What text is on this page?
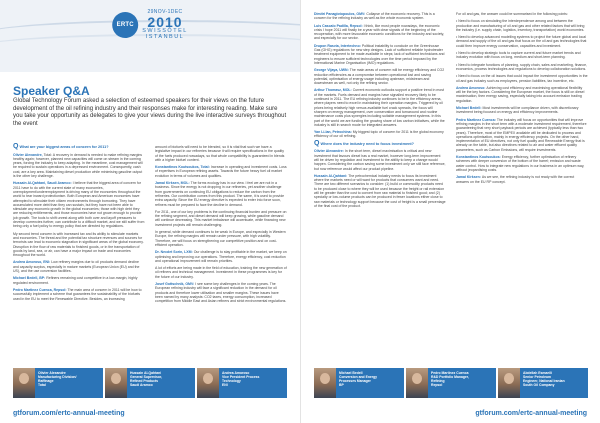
ERTC
29NOV-1DEC
2010
SWISSÔTEL
ISTANBUL
Speaker Q&A
Global Technology Forum asked a selection of esteemed speakers for their views on the future development of the oil refining industry and their responses make for interesting reading. Make sure you take your opportunity as delegates to give your views during the live interactive surveys throughout the event

Q What are your biggest areas of concern for 2011?

Olivier Alexandre, Total: A recovery in demand is needed to make refining margins healthy again; however, planned new capacities will come on stream in the coming years, forcing the industry to keep adapting. In the meantime, cost management will be required to sustain operations in a depressed environment. Consequently, cash cost, are a key area. Maintaining diesel production while minimising gasoline output is the other key challenge.

Hussain Al-Qahtani, Saudi Aramco: I believe that the biggest area of concern for 2011 have to do with the current state of many economies, unemployment/underemployment is driving many of the economies throughout the world to tear inward protectionism. Both European and American economies have attempted to stimulate their citizen environments through borrowing. They have accumulated more debt than they can sustain, but they have not been able to stimulate any economic growth in the global economies; those with high debt they are reducing entitlements, and those economies have not grown enough to provide job growth. The tools to shift unrest along with both over and layoff pressures to develop currencies further, can contribute to a difficult market, and we still suffer from being only a fuel policy to energy policy that are directed by regulations.

My second trend concern is with increased tax and its ability to stimulate markets and economies. The threat and the potential tax structure revenues and sources for terrorists can lead to economic stagnation in significant areas of the global economy. Disruption in the flow of raw materials to finished goods, or in the transportation of goods by land, sea, or air, can have a major impact on trade and economies throughout the world.

Andrea Amoroso, ENI: Low refinery margins due to oil products demand decline and capacity surplus, especially in mature markets (European Union (EU) and the US), and the use conversion facilities.

Michael Bedell, BP: Refiners remaining cost competitive in a low-margin, highly regulated environment.

Pedro Martinez Cuenca, Repsol: The main area of concern in 2011 will be how to successfully implement a scheme that guarantees the sustainability of the biofuels used in the EU to meet the Renewable Directive. Besides, an increasing

amount of biofuels will need to be blended, so it is vital that such we have a legislative impact in our refineries because it will require specifications in the quality of the fuels produced nowadays, so that whole compatibility is guaranteed in blends with a higher biofuel content.

Konstantinos Koutsoukos, Total: Increase in operating and investment costs. Loss of expertises in European refining assets. Towards the future heavy fuel oil market evolution in terms of volumes and qualities.

Jamal Kirksen, MOL: The forms ecology has in our view. I feel we are not in a business. Since the energy is not dropping in our refineries, yet another challenge from governments on continuing EU obligations to reduce the carbon from the refineries. Our contribution comes from this product. The same, it is used to provide extra capacity. Since the EU energy directive is expected to enter into force soon, refiners must be prepared to face the decline in demand.

For 2011, one of our key problems is the continuing financial burden and pressure on the refining segment, and diesel demand will keep growing, while gasoline demand will continue decreasing. This market imbalance will accentuate, while financing new investment projects will remain challenging.

In general, while demand continues to be weak in Europe, and especially in Western Europe, the refining margins will remain under pressure, with high volatility. Therefore, we will focus on strengthening our competitive position and on cost-efficient operation.

Dr. Necdet Sorin, LXM: Our challenge is to stay profitable in the market, we keep on optimising and improving our operations. Therefore, energy efficiency, cost reduction and operational improvement will remain priorities.

A lot of efforts are being made in the field of education, training the new generation of oil refiners and technical management. Investment in these programmes is key for the future of our industry.

Josef Gottschnik, OMV: I see some key challenges in the coming years. The European refining industry will face a significant reduction in the demand for oil products and therefore lower utilisation and smaller margins. These issues have been named by many analysts: CO2 taxes, energy consumption, increased competition from Middle East and Asian refiners and strict environmental regulations.

Olivier Alexandre
Manufacturing Division/
Raffinage
Total
Hussain Al-Qahtani
General Supervisor,
Refined Products
Saudi Aramco
Andrea Amoroso
Vice President Process
Technology
ENI
gtforum.com/ertc-annual-meeting

Dimitri Panagiotopoulos, OMV: Collapse of the economic recovery. This is a concern for the refining industry as well as the whole economic system.

Luis Cascalo Padilla, Repsol: I think, like most people nowadays, the economic crisis I hope 2011 will finally be a year with clear signals of the beginning of the recuperation, with more favourable economic conditions for the industry and society, and especially for our sector.

Drupon Rasvia, Intertechno: Political instability to conclude on the Greenhouse Gas (GHG) regulations for new step designs. Lack of sufficient reliable hydrotreater treatment equipment to be made available in steps; lack of sufficient technicians and engineers to ensure sufficient technologies over the time period imposed by the International Marine Organisation (IMO) regulations.

George Vijaya, UWN: The main areas of concern will be energy efficiency and CO2 reduction efficiencies as a compromise between operational lost and saving potential, optimisation of energy usage including upstream, midstream and downstream as well, not only the refining sector.

Arthur Thomasz, MOL: Current economic outlooks support a positive trend in most of the markets. Fuels demand and margins have signalled recovery likely to be continued in 2011. The EU refining industry continues to be in the efficiency arena, where players need to excel in maintaining their operation margins. Triggered by oil prices being relatively high versus available fuel crack spreads, the focus will sharpen on energy management, over conservation and turnaround and routine maintenance costs plus synergies including suitable management systems. In this part of the world we are funding the growing share of low carbon initiatives, while the industry is still in search mode for integrated answers.

Yan Li-Ian, Petrochina: My biggest topic of concern for 2011 is the global economy efficiency of our oil refining.

Q Where does the industry need to focus investment?

Olivier Alexandre: In the short term, diesel maximisation is critical and new investment that favours diesel has a real market, however long-term improvement will be driven by regulation and investment to the ability to keep a change would happen. Considering the carbon saving some investment only we still face reference, but now reference would affect our product pipeline.

Hussain Al-Qahtani: The petrochemical industry needs to focus its investment where the markets need or will want for products that consumers want and need. There are two different scenarios to consider: (1) build or commodity products need to be produced close to where they will be used because the freight or rail extension will be greater than the cost to convert from raw material to finished good; and (2) specialty or low-volume products can be produced in fewer locations either close to raw materials or technology support because the cost of freight is a small percentage of the final cost of the product.

For oil and gas, the answer could be summarised in the following points:

• Need to focus on simulating the interdependence among and between the production and manufacturing of oil and gas and other related factors that will bring the industry (i.e. supply chain, logistics, inventory, transportation) world economies.

• Need to develop advanced modelling systems to project the future global and local demand and supply of the oil and gas that focus on the oil and gas technologies that could then improve energy conservation, capacities and investment.

• Need to develop strategic tools to capture current and future market trends and industry evolution with focus on long, medium and short-term planning.

• Need to integrate functions of planning, supply chain, sales and marketing, finance, economics, process technologies and regulations to develop collaboration solutions.

• Need to focus on the oil issues that could impact the investment opportunities in the oil and gas industry such as employees, pension liabilities, tax incentive, etc.

Andrea Amoroso: Achieving cost efficiency and maximising operational flexibility will be the key factors. Considering the European market, the focus is still on diesel maximisation, then energy saving, especially taking into account emission trading regulation.

Michael Bedell: Most investments will be compliance driven, with discretionary investment being focused on energy and efficiency improvements.

Pedro Martinez Cuenca: The industry will focus on opportunities that will improve refining margins in the short term with a moderate investment requirement, therefore guaranteeing that very short payback periods are achieved (typically less than two years). Therefore, most of the EMPEX available will be dedicated to process and operations optimisation, mainly in energy efficiency projects. On the other hand, implementation of EU directives, not only fuel quality and Renewable Energy that is already on the table, but also directives related to air and water effluent quality parameters, such as Carbon Emissions, will require investments.

Konstantinos Koutsoukos: Energy efficiency, further optimisation of refinery schemes with deeper conversion of the bottom of the barrel; emission and waste water control. How to integrate new regulations in our business in an optimum way, without jeopardising costs.

Jamal Kirksen: As we see, the refining industry is not ready with the correct answers on the EU RP concept.

Michael Bedell
Conversion and Energy
Processes Manager
BP
Pedro Martinez Cuenca
R&D Portfolio Manager,
Refining
Repsol
Abdellah Esmaeili
Senior Petroleum
Engineer, National Iranian
South Oil Company
gtforum.com/ertc-annual-meeting
